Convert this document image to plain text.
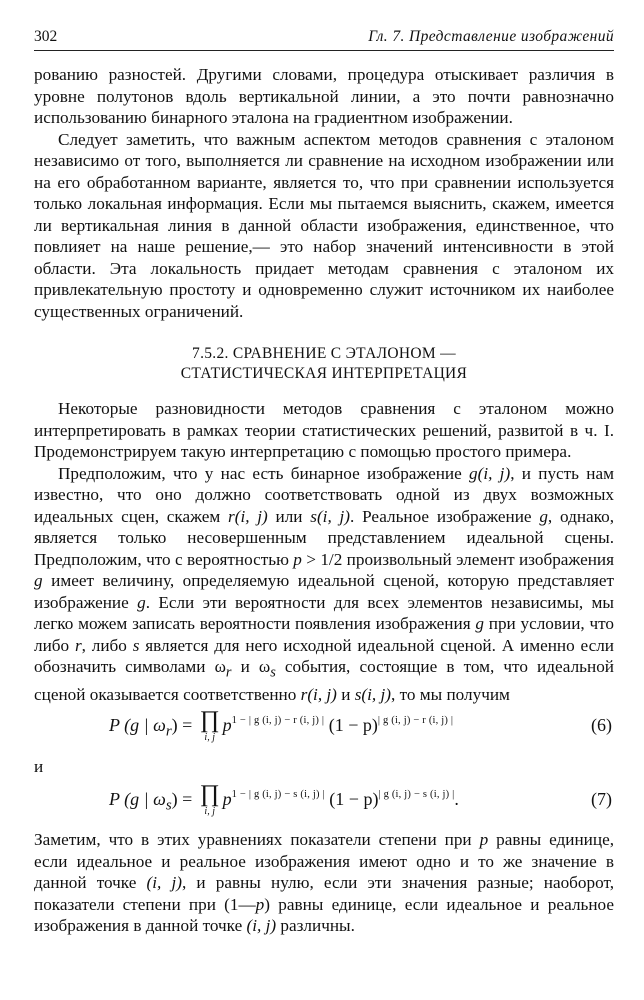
302	Гл. 7. Представление изображений

рованию разностей. Другими словами, процедура отыскивает различия в уровне полутонов вдоль вертикальной линии, а это почти равнозначно использованию бинарного эталона на градиентном изображении.

Следует заметить, что важным аспектом методов сравнения с эталоном независимо от того, выполняется ли сравнение на исходном изображении или на его обработанном варианте, является то, что при сравнении используется только локальная информация. Если мы пытаемся выяснить, скажем, имеется ли вертикальная линия в данной области изображения, единственное, что повлияет на наше решение,— это набор значений интенсивности в этой области. Эта локальность придает методам сравнения с эталоном их привлекательную простоту и одновременно служит источником их наиболее существенных ограничений.

7.5.2. СРАВНЕНИЕ С ЭТАЛОНОМ —
СТАТИСТИЧЕСКАЯ ИНТЕРПРЕТАЦИЯ

Некоторые разновидности методов сравнения с эталоном можно интерпретировать в рамках теории статистических решений, развитой в ч. I. Продемонстрируем такую интерпретацию с помощью простого примера.

Предположим, что у нас есть бинарное изображение g(i, j), и пусть нам известно, что оно должно соответствовать одной из двух возможных идеальных сцен, скажем r(i, j) или s(i, j). Реальное изображение g, однако, является только несовершенным представлением идеальной сцены. Предположим, что с вероятностью p > 1/2 произвольный элемент изображения g имеет величину, определяемую идеальной сценой, которую представляет изображение g. Если эти вероятности для всех элементов независимы, мы легко можем записать вероятности появления изображения g при условии, что либо r, либо s является для него исходной идеальной сценой. А именно если обозначить символами $\omega_r$ и $\omega_s$ события, состоящие в том, что идеальной сценой оказывается соответственно r(i, j) и s(i, j), то мы получим

P (g | $\omega_r$) = ∏
i, j
$p^{1 - | g (i, j) - r (i, j) |}$ $(1 - p)^{| g (i, j) - r (i, j) |}$	(6)
и
P (g | $\omega_s$) = ∏
i, j
$p^{1 - | g (i, j) - s (i, j) |}$ $(1 - p)^{| g (i, j) - s (i, j) |}$.	(7)

Заметим, что в этих уравнениях показатели степени при p равны единице, если идеальное и реальное изображения имеют одно и то же значение в данной точке (i, j), и равны нулю, если эти значения разные; наоборот, показатели степени при (1—p) равны единице, если идеальное и реальное изображения в данной точке (i, j) различны.
